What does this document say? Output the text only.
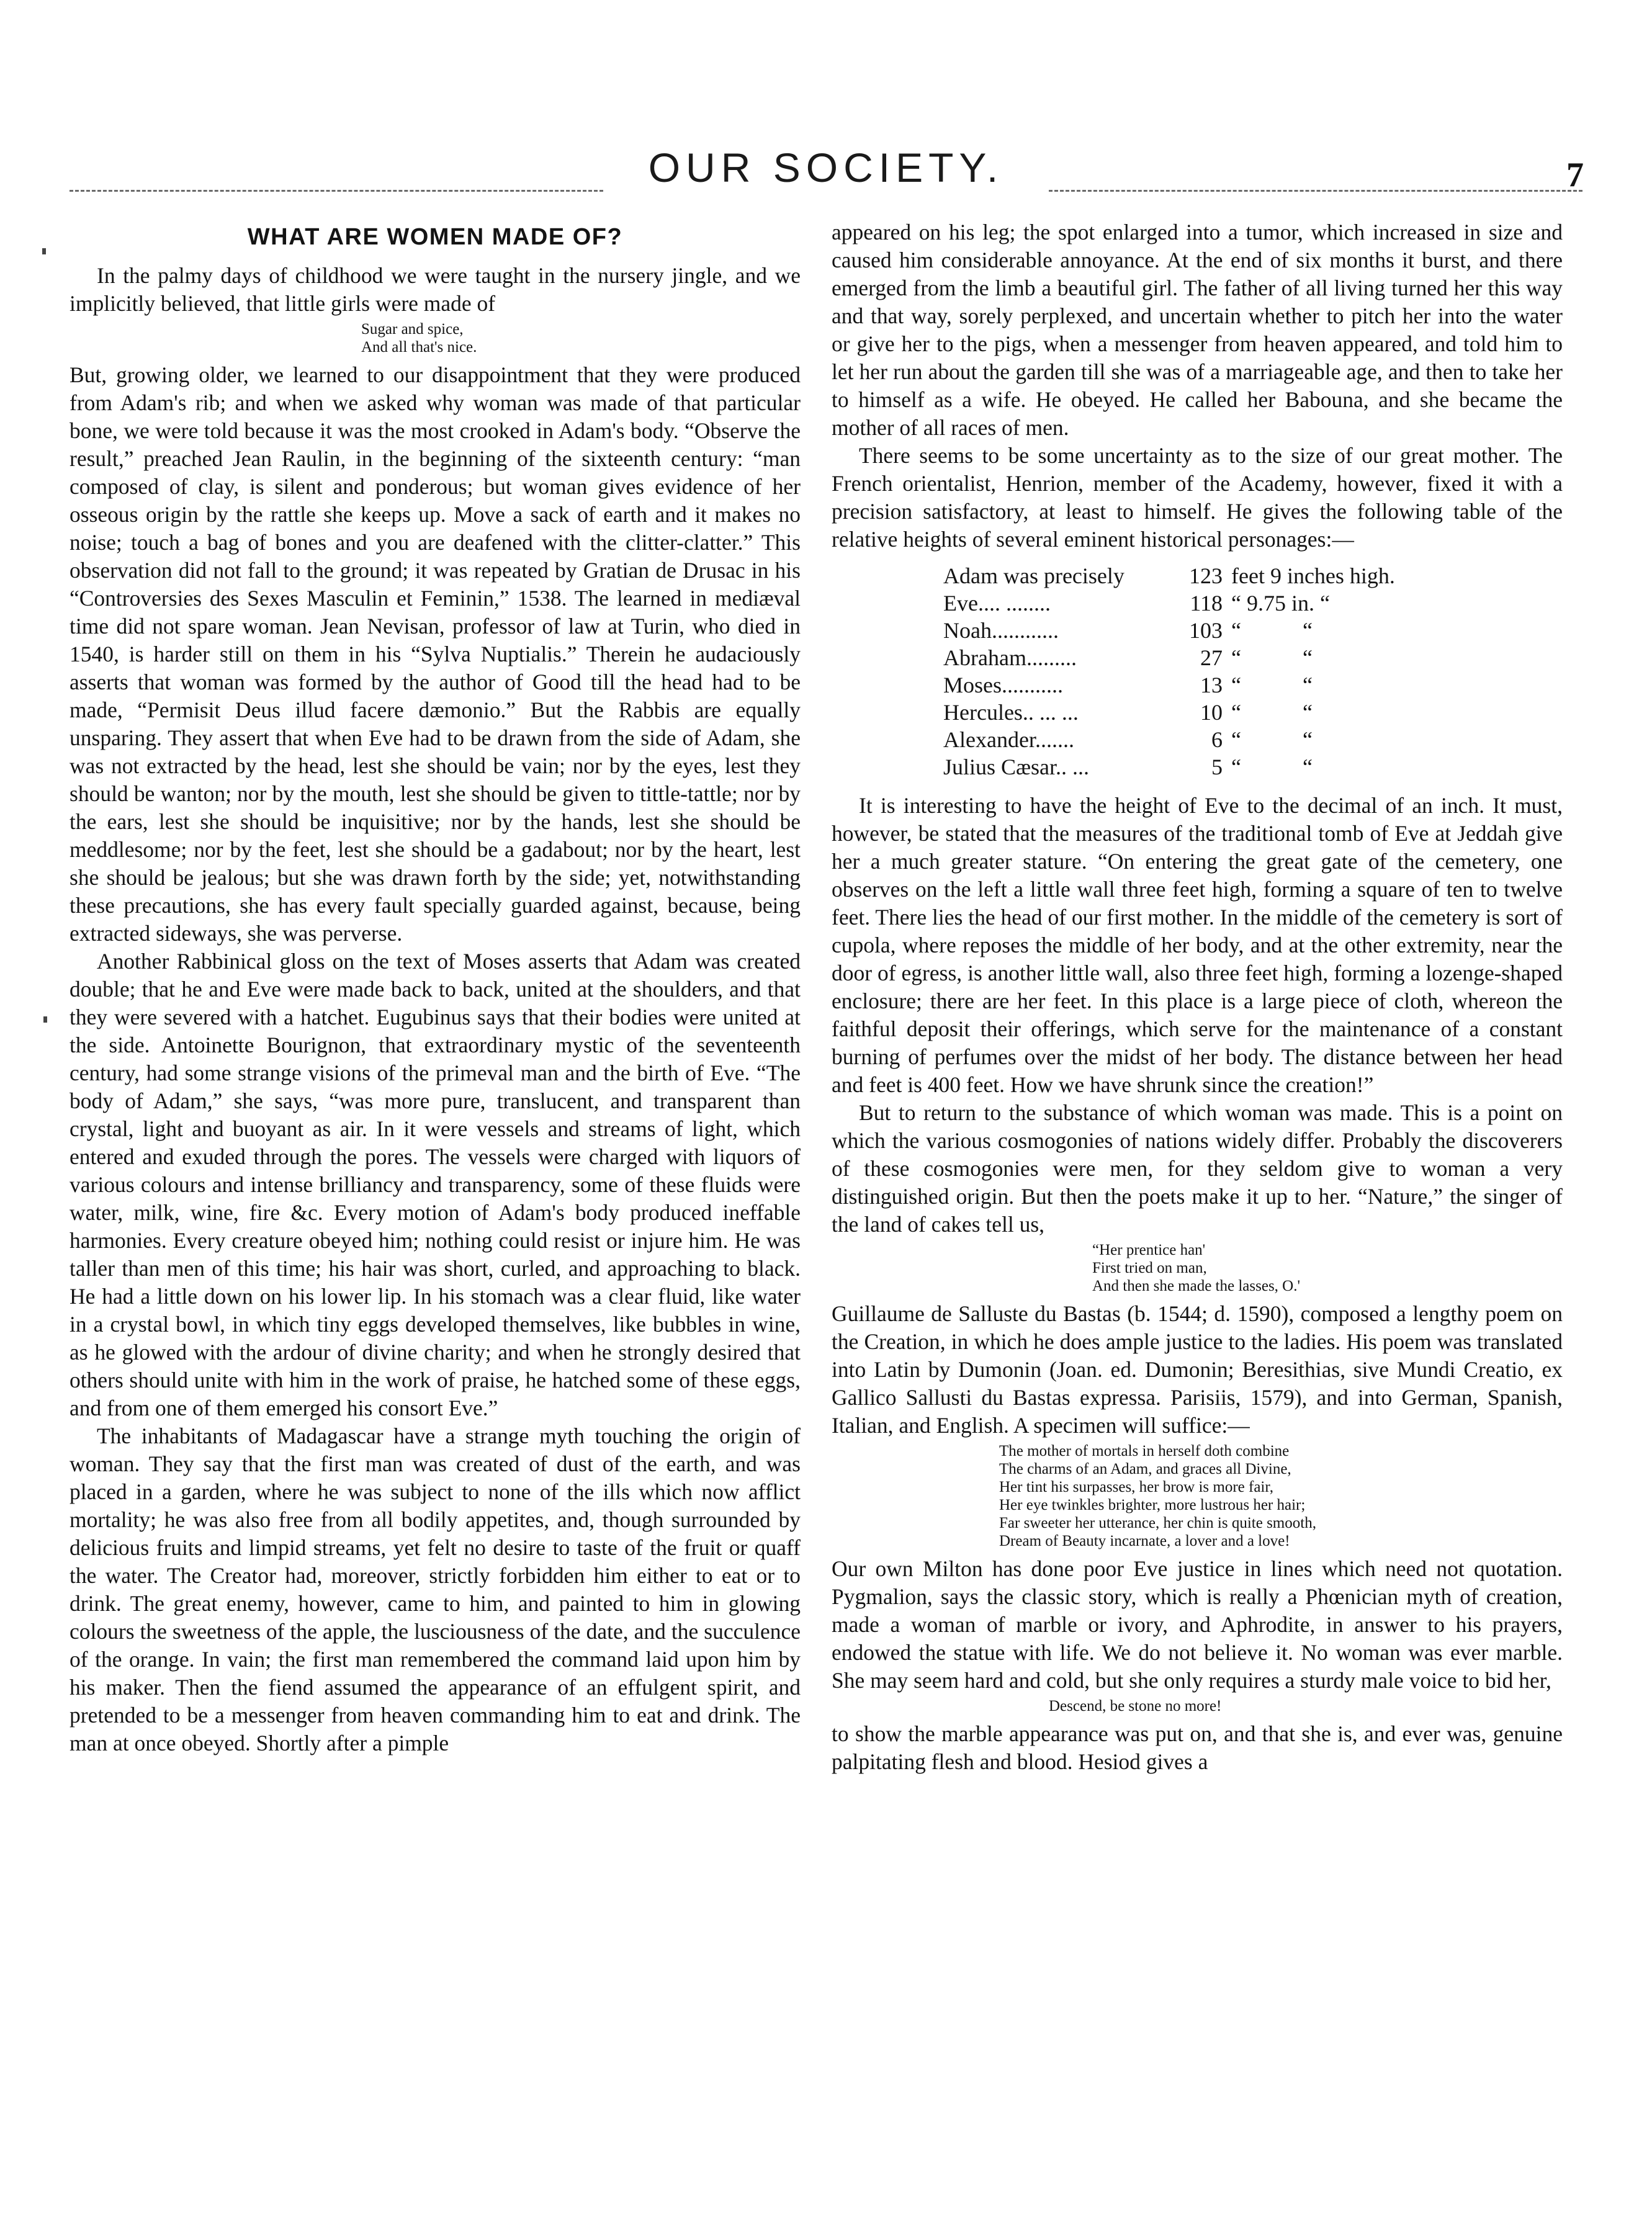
OUR SOCIETY.	7
WHAT ARE WOMEN MADE OF?

In the palmy days of childhood we were taught in the nursery jingle, and we implicitly believed, that little girls were made of

Sugar and spice,
And all that's nice.

But, growing older, we learned to our disappointment that they were produced from Adam's rib; and when we asked why woman was made of that particular bone, we were told because it was the most crooked in Adam's body. “Observe the result,” preached Jean Raulin, in the beginning of the sixteenth century: “man composed of clay, is silent and ponderous; but woman gives evidence of her osseous origin by the rattle she keeps up. Move a sack of earth and it makes no noise; touch a bag of bones and you are deafened with the clitter-clatter.” This observation did not fall to the ground; it was repeated by Gratian de Drusac in his “Controversies des Sexes Masculin et Feminin,” 1538. The learned in mediæval time did not spare woman. Jean Nevisan, professor of law at Turin, who died in 1540, is harder still on them in his “Sylva Nuptialis.” Therein he audaciously asserts that woman was formed by the author of Good till the head had to be made, “Permisit Deus illud facere dæmonio.” But the Rabbis are equally unsparing. They assert that when Eve had to be drawn from the side of Adam, she was not extracted by the head, lest she should be vain; nor by the eyes, lest they should be wanton; nor by the mouth, lest she should be given to tittle-tattle; nor by the ears, lest she should be inquisitive; nor by the hands, lest she should be meddlesome; nor by the feet, lest she should be a gadabout; nor by the heart, lest she should be jealous; but she was drawn forth by the side; yet, notwithstanding these precautions, she has every fault specially guarded against, because, being extracted sideways, she was perverse.

Another Rabbinical gloss on the text of Moses asserts that Adam was created double; that he and Eve were made back to back, united at the shoulders, and that they were severed with a hatchet. Eugubinus says that their bodies were united at the side. Antoinette Bourignon, that extraordinary mystic of the seventeenth century, had some strange visions of the primeval man and the birth of Eve. “The body of Adam,” she says, “was more pure, translucent, and transparent than crystal, light and buoyant as air. In it were vessels and streams of light, which entered and exuded through the pores. The vessels were charged with liquors of various colours and intense brilliancy and transparency, some of these fluids were water, milk, wine, fire &c. Every motion of Adam's body produced ineffable harmonies. Every creature obeyed him; nothing could resist or injure him. He was taller than men of this time; his hair was short, curled, and approaching to black. He had a little down on his lower lip. In his stomach was a clear fluid, like water in a crystal bowl, in which tiny eggs developed themselves, like bubbles in wine, as he glowed with the ardour of divine charity; and when he strongly desired that others should unite with him in the work of praise, he hatched some of these eggs, and from one of them emerged his consort Eve.”

The inhabitants of Madagascar have a strange myth touching the origin of woman. They say that the first man was created of dust of the earth, and was placed in a garden, where he was subject to none of the ills which now afflict mortality; he was also free from all bodily appetites, and, though surrounded by delicious fruits and limpid streams, yet felt no desire to taste of the fruit or quaff the water. The Creator had, moreover, strictly forbidden him either to eat or to drink. The great enemy, however, came to him, and painted to him in glowing colours the sweetness of the apple, the lusciousness of the date, and the succulence of the orange. In vain; the first man remembered the command laid upon him by his maker. Then the fiend assumed the appearance of an effulgent spirit, and pretended to be a messenger from heaven commanding him to eat and drink. The man at once obeyed. Shortly after a pimple

appeared on his leg; the spot enlarged into a tumor, which increased in size and caused him considerable annoyance. At the end of six months it burst, and there emerged from the limb a beautiful girl. The father of all living turned her this way and that way, sorely perplexed, and uncertain whether to pitch her into the water or give her to the pigs, when a messenger from heaven appeared, and told him to let her run about the garden till she was of a marriageable age, and then to take her to himself as a wife. He obeyed. He called her Babouna, and she became the mother of all races of men.

There seems to be some uncertainty as to the size of our great mother. The French orientalist, Henrion, member of the Academy, however, fixed it with a precision satisfactory, at least to himself. He gives the following table of the relative heights of several eminent historical personages:—

Adam was precisely	123	feet 9 inches high.
Eve.... ........	118	“ 9.75 in. “
Noah............	103	“           “
Abraham.........	27	“           “
Moses...........	13	“           “
Hercules.. ... ...	10	“           “
Alexander.......	6	“           “
Julius Cæsar.. ...	5	“           “

It is interesting to have the height of Eve to the decimal of an inch. It must, however, be stated that the measures of the traditional tomb of Eve at Jeddah give her a much greater stature. “On entering the great gate of the cemetery, one observes on the left a little wall three feet high, forming a square of ten to twelve feet. There lies the head of our first mother. In the middle of the cemetery is sort of cupola, where reposes the middle of her body, and at the other extremity, near the door of egress, is another little wall, also three feet high, forming a lozenge-shaped enclosure; there are her feet. In this place is a large piece of cloth, whereon the faithful deposit their offerings, which serve for the maintenance of a constant burning of perfumes over the midst of her body. The distance between her head and feet is 400 feet. How we have shrunk since the creation!”

But to return to the substance of which woman was made. This is a point on which the various cosmogonies of nations widely differ. Probably the discoverers of these cosmogonies were men, for they seldom give to woman a very distinguished origin. But then the poets make it up to her. “Nature,” the singer of the land of cakes tell us,

“Her prentice han'
First tried on man,
And then she made the lasses, O.'

Guillaume de Salluste du Bastas (b. 1544; d. 1590), composed a lengthy poem on the Creation, in which he does ample justice to the ladies. His poem was translated into Latin by Dumonin (Joan. ed. Dumonin; Beresithias, sive Mundi Creatio, ex Gallico Sallusti du Bastas expressa. Parisiis, 1579), and into German, Spanish, Italian, and English. A specimen will suffice:—

The mother of mortals in herself doth combine
The charms of an Adam, and graces all Divine,
Her tint his surpasses, her brow is more fair,
Her eye twinkles brighter, more lustrous her hair;
Far sweeter her utterance, her chin is quite smooth,
Dream of Beauty incarnate, a lover and a love!

Our own Milton has done poor Eve justice in lines which need not quotation. Pygmalion, says the classic story, which is really a Phœnician myth of creation, made a woman of marble or ivory, and Aphrodite, in answer to his prayers, endowed the statue with life. We do not believe it. No woman was ever marble. She may seem hard and cold, but she only requires a sturdy male voice to bid her,

Descend, be stone no more!

to show the marble appearance was put on, and that she is, and ever was, genuine palpitating flesh and blood. Hesiod gives a
